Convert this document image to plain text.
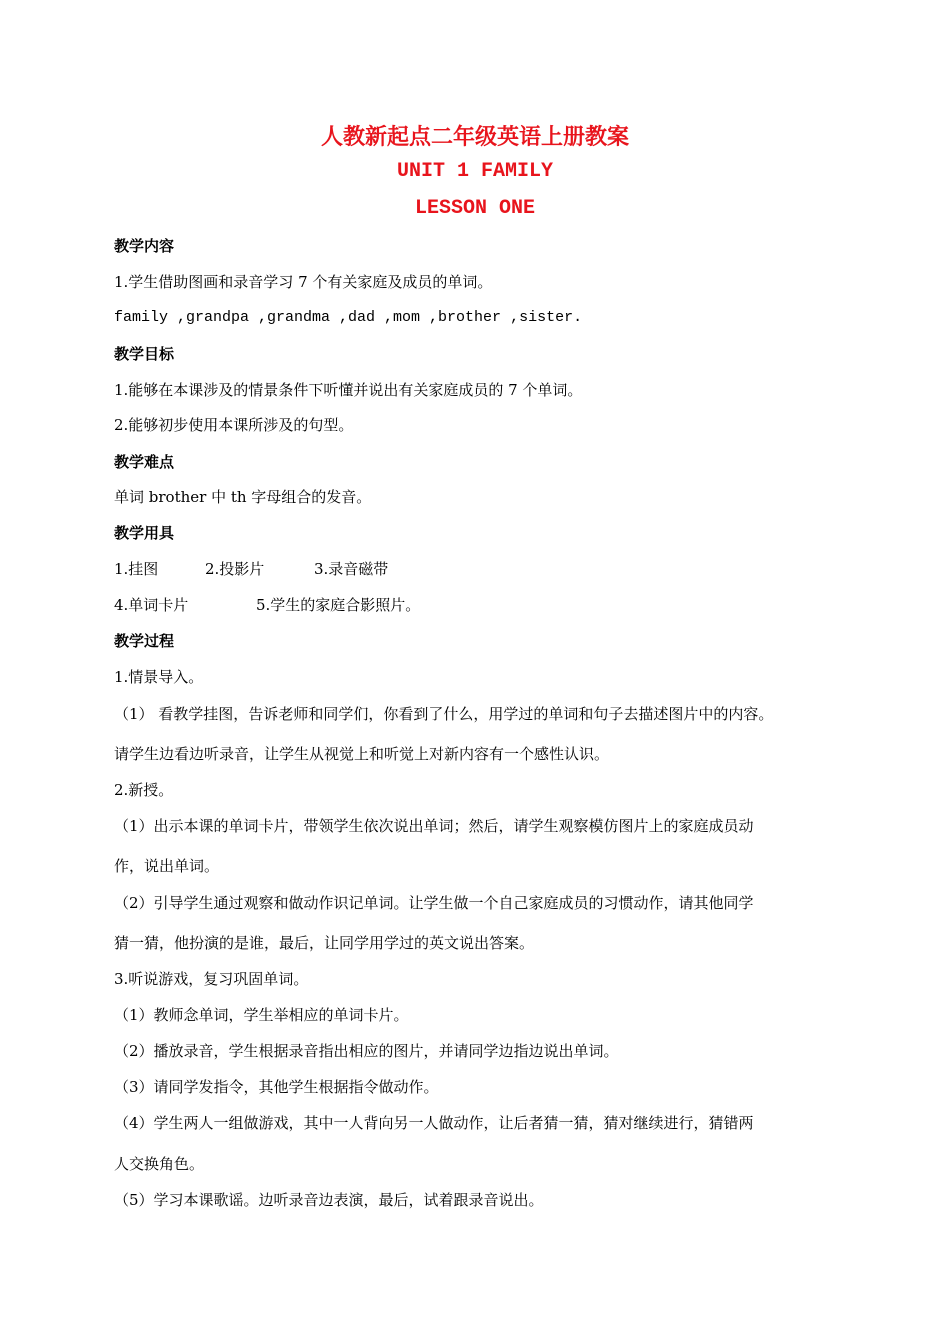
人教新起点二年级英语上册教案
UNIT 1 FAMILY
LESSON ONE
教学内容
1.学生借助图画和录音学习 7 个有关家庭及成员的单词。
family ,grandpa ,grandma ,dad ,mom ,brother ,sister.
教学目标
1.能够在本课涉及的情景条件下听懂并说出有关家庭成员的 7 个单词。
2.能够初步使用本课所涉及的句型。
教学难点
单词 brother 中 th 字母组合的发音。
教学用具
1.挂图	2.投影片	3.录音磁带
4.单词卡片	5.学生的家庭合影照片。
教学过程
1.情景导入。
（1） 看教学挂图，告诉老师和同学们，你看到了什么，用学过的单词和句子去描述图片中的内容。
请学生边看边听录音，让学生从视觉上和听觉上对新内容有一个感性认识。
2.新授。
（1）出示本课的单词卡片，带领学生依次说出单词；然后，请学生观察模仿图片上的家庭成员动
作，说出单词。
（2）引导学生通过观察和做动作识记单词。让学生做一个自己家庭成员的习惯动作，请其他同学
猜一猜，他扮演的是谁，最后，让同学用学过的英文说出答案。
3.听说游戏，复习巩固单词。
（1）教师念单词，学生举相应的单词卡片。
（2）播放录音，学生根据录音指出相应的图片，并请同学边指边说出单词。
（3）请同学发指令，其他学生根据指令做动作。
（4）学生两人一组做游戏，其中一人背向另一人做动作，让后者猜一猜，猜对继续进行，猜错两
人交换角色。
（5）学习本课歌谣。边听录音边表演，最后，试着跟录音说出。
